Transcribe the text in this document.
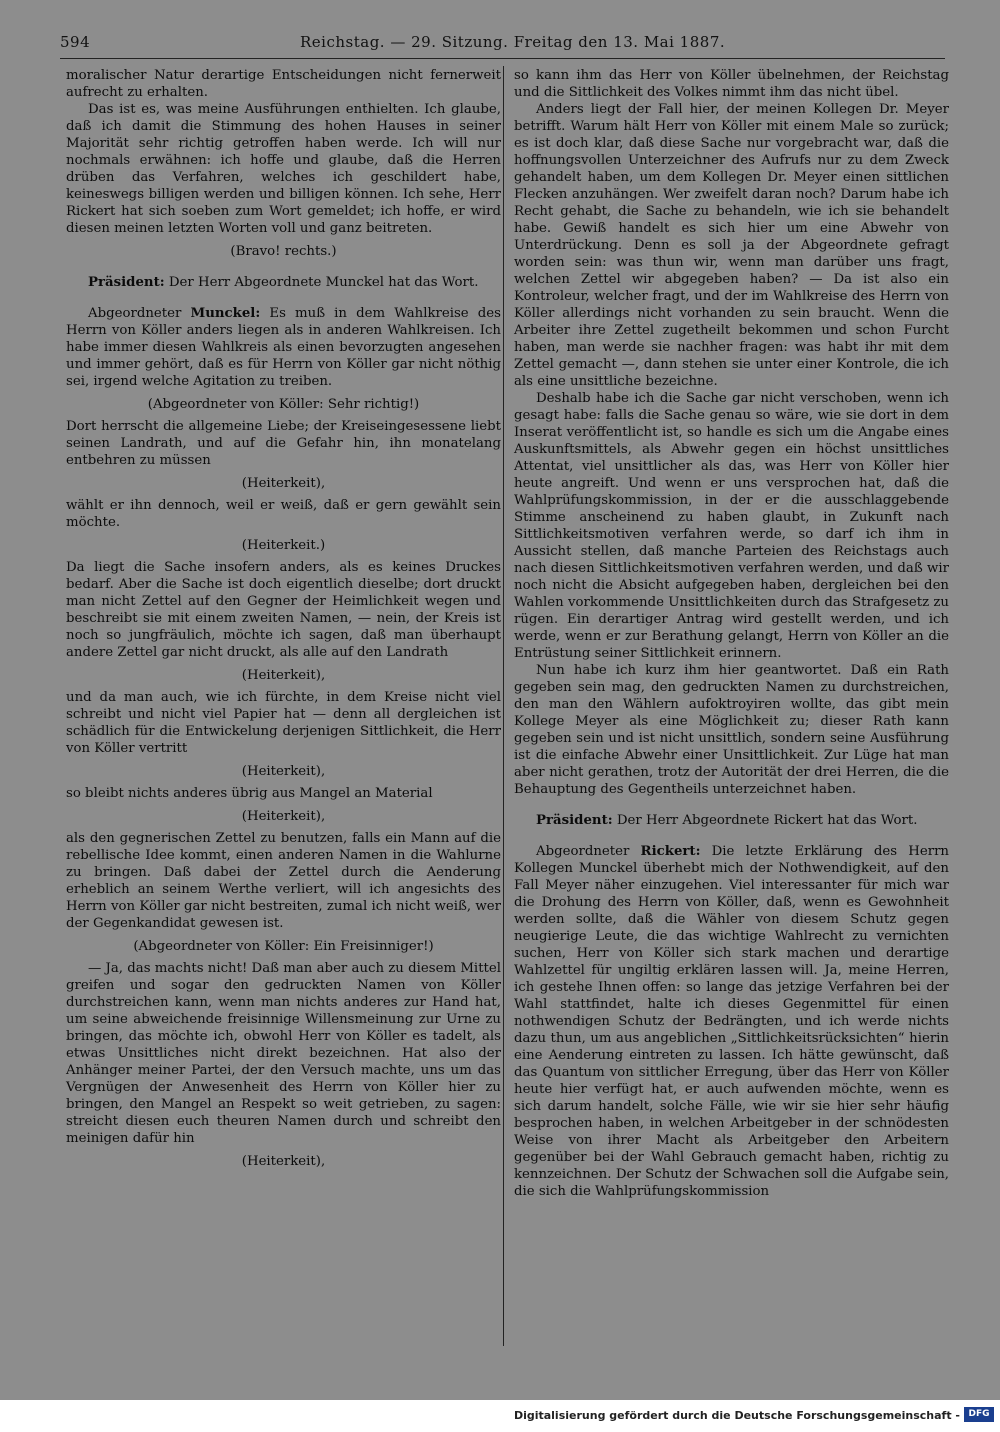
594	Reichstag. — 29. Sitzung. Freitag den 13. Mai 1887.

moralischer Natur derartige Entscheidungen nicht fernerweit aufrecht zu erhalten.

Das ist es, was meine Ausführungen enthielten. Ich glaube, daß ich damit die Stimmung des hohen Hauses in seiner Majorität sehr richtig getroffen haben werde. Ich will nur nochmals erwähnen: ich hoffe und glaube, daß die Herren drüben das Verfahren, welches ich geschildert habe, keineswegs billigen werden und billigen können. Ich sehe, Herr Rickert hat sich soeben zum Wort gemeldet; ich hoffe, er wird diesen meinen letzten Worten voll und ganz beitreten.

(Bravo! rechts.)

Präsident: Der Herr Abgeordnete Munckel hat das Wort.

Abgeordneter Munckel: Es muß in dem Wahlkreise des Herrn von Köller anders liegen als in anderen Wahlkreisen. Ich habe immer diesen Wahlkreis als einen bevorzugten angesehen und immer gehört, daß es für Herrn von Köller gar nicht nöthig sei, irgend welche Agitation zu treiben.

(Abgeordneter von Köller: Sehr richtig!)

Dort herrscht die allgemeine Liebe; der Kreiseingesessene liebt seinen Landrath, und auf die Gefahr hin, ihn monatelang entbehren zu müssen

(Heiterkeit),

wählt er ihn dennoch, weil er weiß, daß er gern gewählt sein möchte.

(Heiterkeit.)

Da liegt die Sache insofern anders, als es keines Druckes bedarf. Aber die Sache ist doch eigentlich dieselbe; dort druckt man nicht Zettel auf den Gegner der Heimlichkeit wegen und beschreibt sie mit einem zweiten Namen, — nein, der Kreis ist noch so jungfräulich, möchte ich sagen, daß man überhaupt andere Zettel gar nicht druckt, als alle auf den Landrath

(Heiterkeit),

und da man auch, wie ich fürchte, in dem Kreise nicht viel schreibt und nicht viel Papier hat — denn all dergleichen ist schädlich für die Entwickelung derjenigen Sittlichkeit, die Herr von Köller vertritt

(Heiterkeit),

so bleibt nichts anderes übrig aus Mangel an Material

(Heiterkeit),

als den gegnerischen Zettel zu benutzen, falls ein Mann auf die rebellische Idee kommt, einen anderen Namen in die Wahlurne zu bringen. Daß dabei der Zettel durch die Aenderung erheblich an seinem Werthe verliert, will ich angesichts des Herrn von Köller gar nicht bestreiten, zumal ich nicht weiß, wer der Gegenkandidat gewesen ist.

(Abgeordneter von Köller: Ein Freisinniger!)

— Ja, das machts nicht! Daß man aber auch zu diesem Mittel greifen und sogar den gedruckten Namen von Köller durchstreichen kann, wenn man nichts anderes zur Hand hat, um seine abweichende freisinnige Willensmeinung zur Urne zu bringen, das möchte ich, obwohl Herr von Köller es tadelt, als etwas Unsittliches nicht direkt bezeichnen. Hat also der Anhänger meiner Partei, der den Versuch machte, uns um das Vergnügen der Anwesenheit des Herrn von Köller hier zu bringen, den Mangel an Respekt so weit getrieben, zu sagen: streicht diesen euch theuren Namen durch und schreibt den meinigen dafür hin

(Heiterkeit),

so kann ihm das Herr von Köller übelnehmen, der Reichstag und die Sittlichkeit des Volkes nimmt ihm das nicht übel.

Anders liegt der Fall hier, der meinen Kollegen Dr. Meyer betrifft. Warum hält Herr von Köller mit einem Male so zurück; es ist doch klar, daß diese Sache nur vorgebracht war, daß die hoffnungsvollen Unterzeichner des Aufrufs nur zu dem Zweck gehandelt haben, um dem Kollegen Dr. Meyer einen sittlichen Flecken anzuhängen. Wer zweifelt daran noch? Darum habe ich Recht gehabt, die Sache zu behandeln, wie ich sie behandelt habe. Gewiß handelt es sich hier um eine Abwehr von Unterdrückung. Denn es soll ja der Abgeordnete gefragt worden sein: was thun wir, wenn man darüber uns fragt, welchen Zettel wir abgegeben haben? — Da ist also ein Kontroleur, welcher fragt, und der im Wahlkreise des Herrn von Köller allerdings nicht vorhanden zu sein braucht. Wenn die Arbeiter ihre Zettel zugetheilt bekommen und schon Furcht haben, man werde sie nachher fragen: was habt ihr mit dem Zettel gemacht —, dann stehen sie unter einer Kontrole, die ich als eine unsittliche bezeichne.

Deshalb habe ich die Sache gar nicht verschoben, wenn ich gesagt habe: falls die Sache genau so wäre, wie sie dort in dem Inserat veröffentlicht ist, so handle es sich um die Angabe eines Auskunftsmittels, als Abwehr gegen ein höchst unsittliches Attentat, viel unsittlicher als das, was Herr von Köller hier heute angreift. Und wenn er uns versprochen hat, daß die Wahlprüfungskommission, in der er die ausschlaggebende Stimme anscheinend zu haben glaubt, in Zukunft nach Sittlichkeitsmotiven verfahren werde, so darf ich ihm in Aussicht stellen, daß manche Parteien des Reichstags auch nach diesen Sittlichkeitsmotiven verfahren werden, und daß wir noch nicht die Absicht aufgegeben haben, dergleichen bei den Wahlen vorkommende Unsittlichkeiten durch das Strafgesetz zu rügen. Ein derartiger Antrag wird gestellt werden, und ich werde, wenn er zur Berathung gelangt, Herrn von Köller an die Entrüstung seiner Sittlichkeit erinnern.

Nun habe ich kurz ihm hier geantwortet. Daß ein Rath gegeben sein mag, den gedruckten Namen zu durchstreichen, den man den Wählern aufoktroyiren wollte, das gibt mein Kollege Meyer als eine Möglichkeit zu; dieser Rath kann gegeben sein und ist nicht unsittlich, sondern seine Ausführung ist die einfache Abwehr einer Unsittlichkeit. Zur Lüge hat man aber nicht gerathen, trotz der Autorität der drei Herren, die die Behauptung des Gegentheils unterzeichnet haben.

Präsident: Der Herr Abgeordnete Rickert hat das Wort.

Abgeordneter Rickert: Die letzte Erklärung des Herrn Kollegen Munckel überhebt mich der Nothwendigkeit, auf den Fall Meyer näher einzugehen. Viel interessanter für mich war die Drohung des Herrn von Köller, daß, wenn es Gewohnheit werden sollte, daß die Wähler von diesem Schutz gegen neugierige Leute, die das wichtige Wahlrecht zu vernichten suchen, Herr von Köller sich stark machen und derartige Wahlzettel für ungiltig erklären lassen will. Ja, meine Herren, ich gestehe Ihnen offen: so lange das jetzige Verfahren bei der Wahl stattfindet, halte ich dieses Gegenmittel für einen nothwendigen Schutz der Bedrängten, und ich werde nichts dazu thun, um aus angeblichen „Sittlichkeitsrücksichten“ hierin eine Aenderung eintreten zu lassen. Ich hätte gewünscht, daß das Quantum von sittlicher Erregung, über das Herr von Köller heute hier verfügt hat, er auch aufwenden möchte, wenn es sich darum handelt, solche Fälle, wie wir sie hier sehr häufig besprochen haben, in welchen Arbeitgeber in der schnödesten Weise von ihrer Macht als Arbeitgeber den Arbeitern gegenüber bei der Wahl Gebrauch gemacht haben, richtig zu kennzeichnen. Der Schutz der Schwachen soll die Aufgabe sein, die sich die Wahlprüfungskommission

Digitalisierung gefördert durch die Deutsche Forschungsgemeinschaft - DFG
